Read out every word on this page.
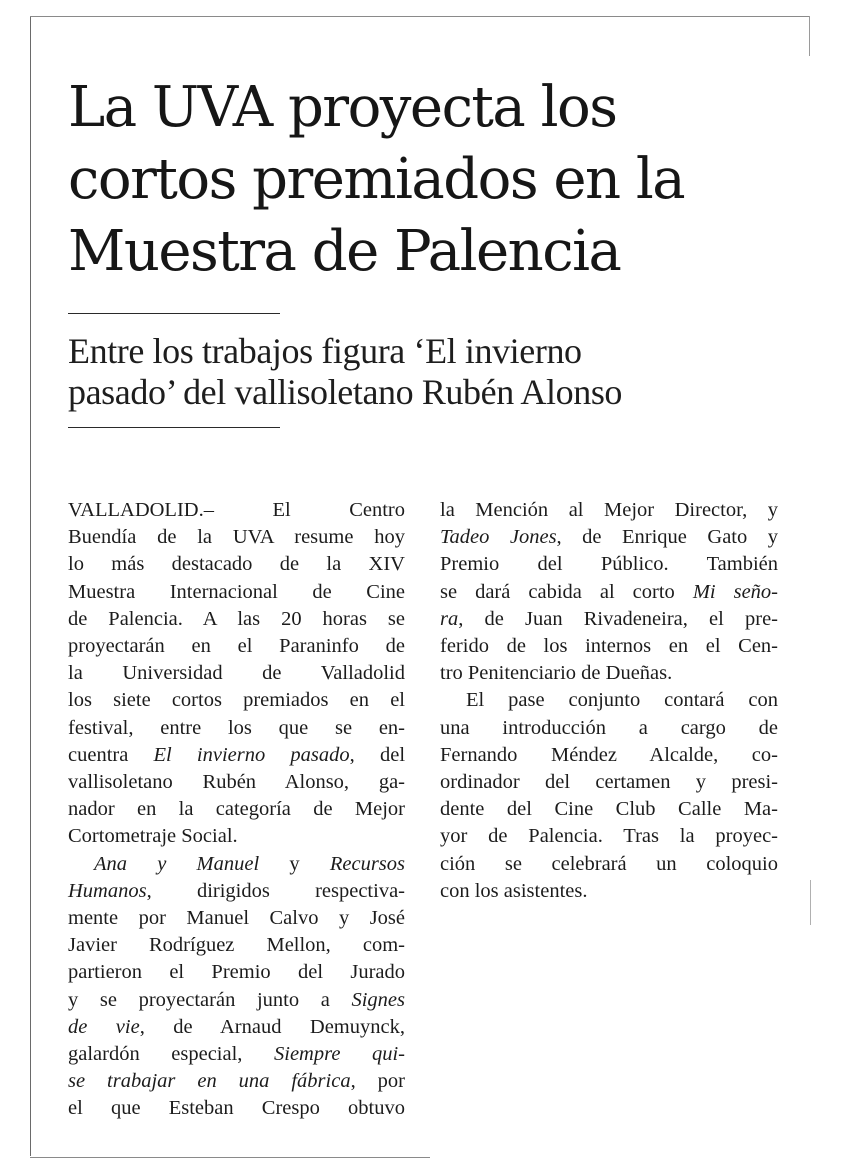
La UVA proyecta los
cortos premiados en la
Muestra de Palencia
Entre los trabajos figura ‘El invierno
pasado’ del vallisoletano Rubén Alonso
VALLADOLID.– El Centro
Buendía de la UVA resume hoy
lo más destacado de la XIV
Muestra Internacional de Cine
de Palencia. A las 20 horas se
proyectarán en el Paraninfo de
la Universidad de Valladolid
los siete cortos premiados en el
festival, entre los que se en-
cuentra El invierno pasado, del
vallisoletano Rubén Alonso, ga-
nador en la categoría de Mejor
Cortometraje Social.
Ana y Manuel y Recursos
Humanos, dirigidos respectiva-
mente por Manuel Calvo y José
Javier Rodríguez Mellon, com-
partieron el Premio del Jurado
y se proyectarán junto a Signes
de vie, de Arnaud Demuynck,
galardón especial, Siempre qui-
se trabajar en una fábrica, por
el que Esteban Crespo obtuvo
la Mención al Mejor Director, y
Tadeo Jones, de Enrique Gato y
Premio del Público. También
se dará cabida al corto Mi seño-
ra, de Juan Rivadeneira, el pre-
ferido de los internos en el Cen-
tro Penitenciario de Dueñas.
El pase conjunto contará con
una introducción a cargo de
Fernando Méndez Alcalde, co-
ordinador del certamen y presi-
dente del Cine Club Calle Ma-
yor de Palencia. Tras la proyec-
ción se celebrará un coloquio
con los asistentes.
